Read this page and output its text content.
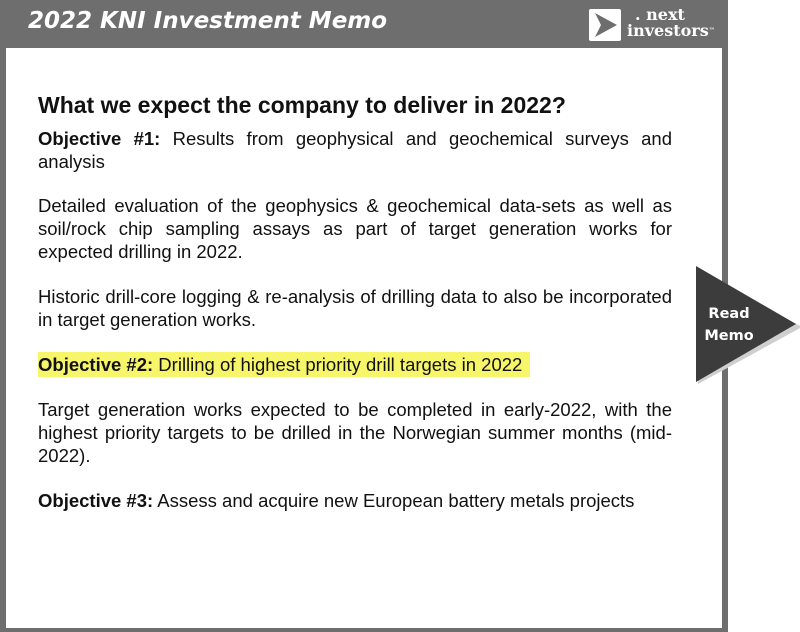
2022 KNI Investment Memo	. next
investors™
What we expect the company to deliver in 2022?

Objective #1: Results from geophysical and geochemical surveys and analysis

Detailed evaluation of the geophysics & geochemical data-sets as well as soil/rock chip sampling assays as part of target generation works for expected drilling in 2022.

Historic drill-core logging & re-analysis of drilling data to also be incorporated in target generation works.

Objective #2: Drilling of highest priority drill targets in 2022

Target generation works expected to be completed in early-2022, with the highest priority targets to be drilled in the Norwegian summer months (mid-2022).

Objective #3: Assess and acquire new European battery metals projects

Read
Memo
